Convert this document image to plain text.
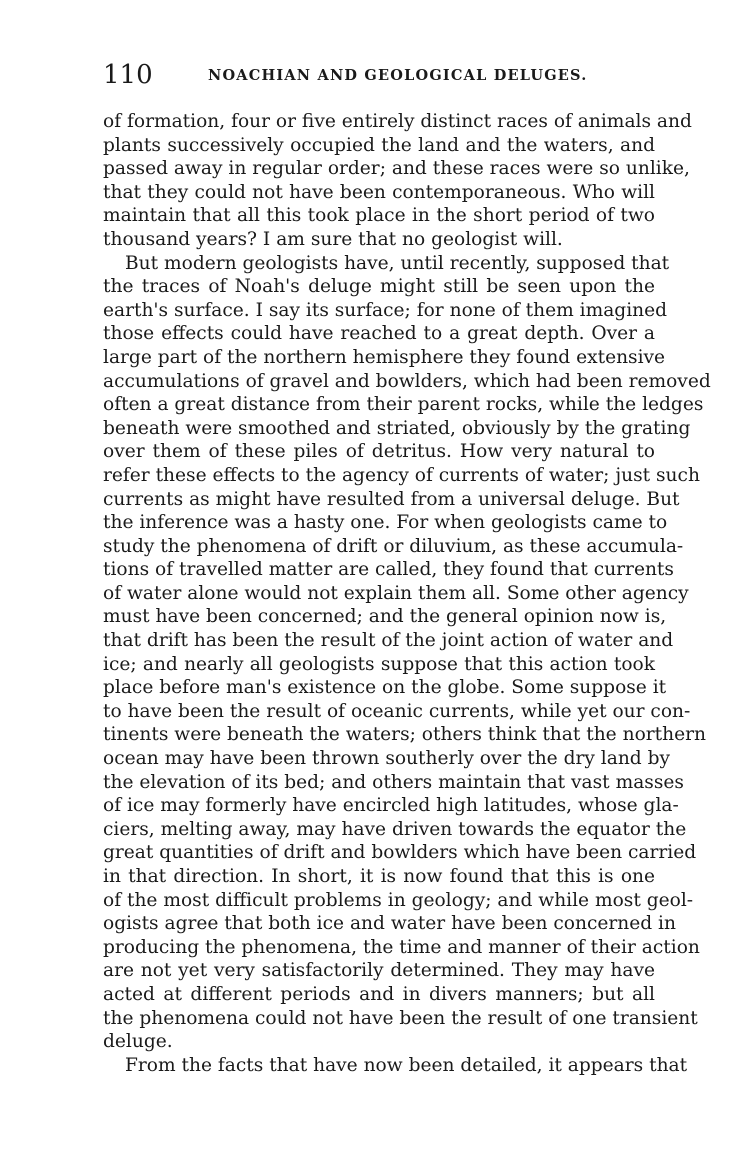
110	NOACHIAN AND GEOLOGICAL DELUGES.
of formation, four or five entirely distinct races of animals and
plants successively occupied the land and the waters, and
passed away in regular order; and these races were so unlike,
that they could not have been contemporaneous. Who will
maintain that all this took place in the short period of two
thousand years? I am sure that no geologist will.
But modern geologists have, until recently, supposed that
the traces of Noah's deluge might still be seen upon the
earth's surface. I say its surface; for none of them imagined
those effects could have reached to a great depth. Over a
large part of the northern hemisphere they found extensive
accumulations of gravel and bowlders, which had been removed
often a great distance from their parent rocks, while the ledges
beneath were smoothed and striated, obviously by the grating
over them of these piles of detritus. How very natural to
refer these effects to the agency of currents of water; just such
currents as might have resulted from a universal deluge. But
the inference was a hasty one. For when geologists came to
study the phenomena of drift or diluvium, as these accumula-
tions of travelled matter are called, they found that currents
of water alone would not explain them all. Some other agency
must have been concerned; and the general opinion now is,
that drift has been the result of the joint action of water and
ice; and nearly all geologists suppose that this action took
place before man's existence on the globe. Some suppose it
to have been the result of oceanic currents, while yet our con-
tinents were beneath the waters; others think that the northern
ocean may have been thrown southerly over the dry land by
the elevation of its bed; and others maintain that vast masses
of ice may formerly have encircled high latitudes, whose gla-
ciers, melting away, may have driven towards the equator the
great quantities of drift and bowlders which have been carried
in that direction. In short, it is now found that this is one
of the most difficult problems in geology; and while most geol-
ogists agree that both ice and water have been concerned in
producing the phenomena, the time and manner of their action
are not yet very satisfactorily determined. They may have
acted at different periods and in divers manners; but all
the phenomena could not have been the result of one transient
deluge.
From the facts that have now been detailed, it appears that
